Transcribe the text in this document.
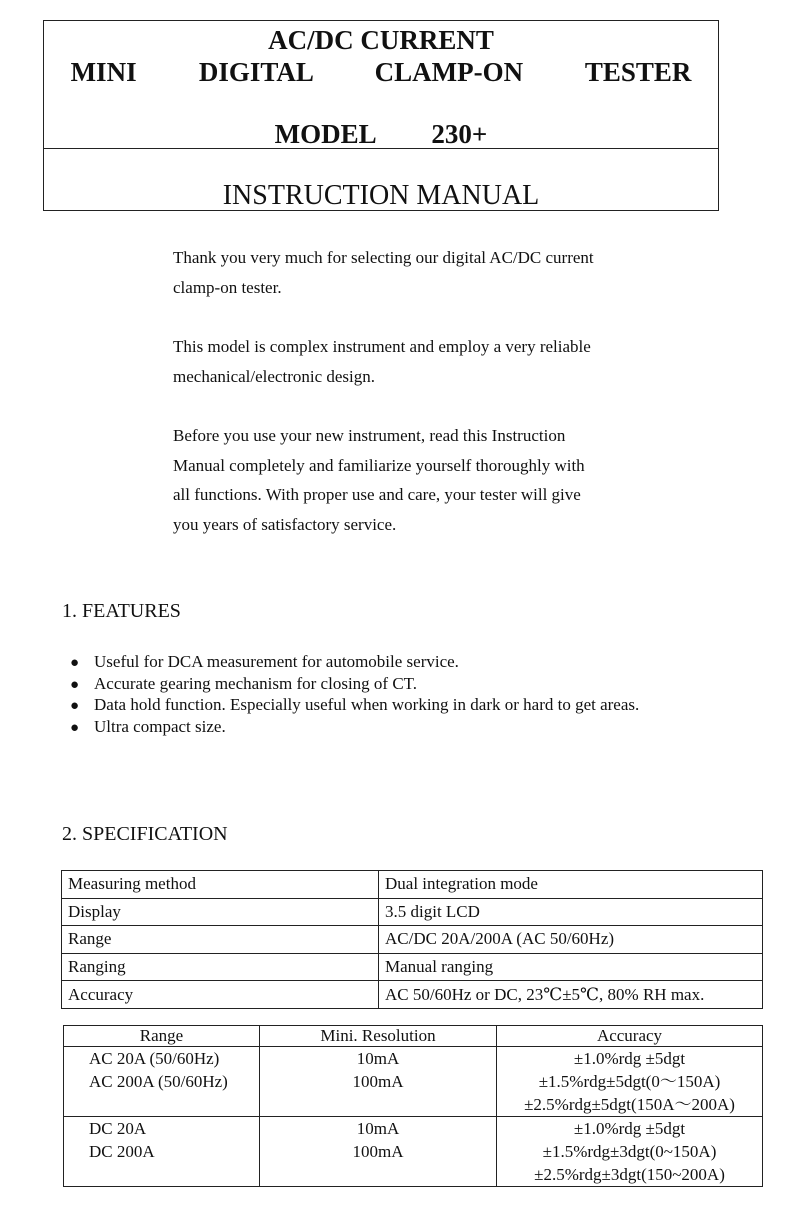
AC/DC CURRENT
MINI   DIGITAL   CLAMP-ON   TESTER
MODEL   230+
INSTRUCTION MANUAL

Thank you very much for selecting our digital AC/DC current

clamp-on tester.

This model is complex instrument and employ a very reliable

mechanical/electronic design.

Before you use your new instrument, read this Instruction

Manual completely and familiarize yourself thoroughly with

all functions. With proper use and care, your tester will give

you years of satisfactory service.

1. FEATURES
● Useful for DCA measurement for automobile service.
● Accurate gearing mechanism for closing of CT.
● Data hold function. Especially useful when working in dark or hard to get areas.
● Ultra compact size.
2. SPECIFICATION
Measuring method	Dual integration mode
Display	3.5 digit LCD
Range	AC/DC 20A/200A (AC 50/60Hz)
Ranging	Manual ranging
Accuracy	AC 50/60Hz or DC, 23℃±5℃, 80% RH max.
Range	Mini. Resolution	Accuracy
AC 20A (50/60Hz)	10mA	±1.0%rdg ±5dgt

AC 200A (50/60Hz)	100mA	±1.5%rdg±5dgt(0～150A)
±2.5%rdg±5dgt(150A～200A)

DC 20A	10mA	±1.0%rdg ±5dgt

DC 200A	100mA	±1.5%rdg±3dgt(0~150A)
±2.5%rdg±3dgt(150~200A)
